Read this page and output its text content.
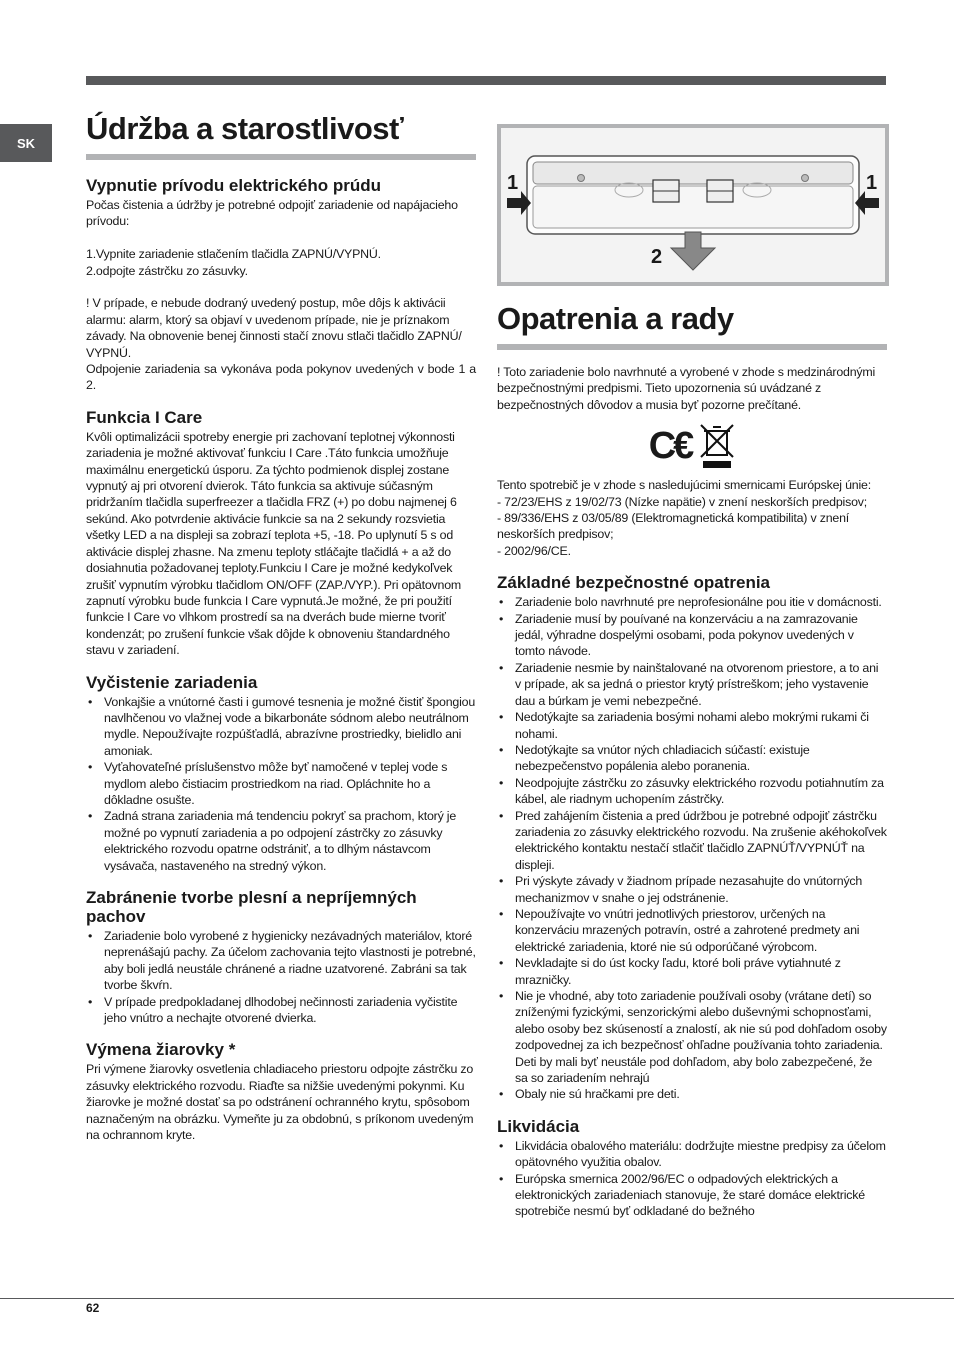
SK	Údržba a starostlivosť
Vypnutie prívodu elektrického prúdu

Počas čistenia a údržby je potrebné odpojiť zariadenie od napájacieho prívodu:

1.Vypnite zariadenie stlačením tlačidla ZAPNÚ/VYPNÚ.

2.odpojte zástrčku zo zásuvky.

! V prípade, e nebude dodraný uvedený postup, môe dôjs k aktivácii alarmu: alarm, ktorý sa objaví v uvedenom prípade, nie je príznakom závady. Na obnovenie benej činnosti stačí znovu stlači tlačidlo ZAPNÚ/ VYPNÚ.

Odpojenie zariadenia sa vykonáva poda pokynov uvedených v bode 1 a 2.

Funkcia I Care

Kvôli optimalizácii spotreby energie pri zachovaní teplotnej výkonnosti zariadenia je možné aktivovať funkciu I Care .Táto funkcia umožňuje maximálnu energetickú úsporu. Za týchto podmienok displej zostane vypnutý aj pri otvorení dvierok. Táto funkcia sa aktivuje súčasným pridržaním tlačidla superfreezer a tlačidla FRZ (+) po dobu najmenej 6 sekúnd. Ako potvrdenie aktivácie funkcie sa na 2 sekundy rozsvietia všetky LED a na displeji sa zobrazí teplota +5, -18. Po uplynutí 5 s od aktivácie displej zhasne. Na zmenu teploty stláčajte tlačidlá + a až do dosiahnutia požadovanej teploty.Funkciu I Care je možné kedykoľvek zrušiť vypnutím výrobku tlačidlom ON/OFF (ZAP./VYP.). Pri opätovnom zapnutí výrobku bude funkcia I Care vypnutá.Je možné, že pri použití funkcie I Care vo vlhkom prostredí sa na dverách bude mierne tvoriť kondenzát; po zrušení funkcie však dôjde k obnoveniu štandardného stavu v zariadení.

Vyčistenie zariadenia
• Vonkajšie a vnútorné časti i gumové tesnenia je možné čistiť špongiou navlhčenou vo vlažnej vode a bikarbonáte sódnom alebo neutrálnom mydle. Nepoužívajte rozpúšťadlá, abrazívne prostriedky, bielidlo ani amoniak.
• Vyťahovateľné príslušenstvo môže byť namočené v teplej vode s mydlom alebo čistiacim prostriedkom na riad. Opláchnite ho a dôkladne osušte.
• Zadná strana zariadenia má tendenciu pokryť sa prachom, ktorý je možné po vypnutí zariadenia a po odpojení zástrčky zo zásuvky elektrického rozvodu opatrne odstrániť, a to dlhým nástavcom vysávača, nastaveného na stredný výkon.
Zabránenie tvorbe plesní a nepríjemných pachov
• Zariadenie bolo vyrobené z hygienicky nezávadných materiálov, ktoré neprenášajú pachy. Za účelom zachovania tejto vlastnosti je potrebné, aby boli jedlá neustále chránené a riadne uzatvorené. Zabráni sa tak tvorbe škvŕn.
• V prípade predpokladanej dlhodobej nečinnosti zariadenia vyčistite jeho vnútro a nechajte otvorené dvierka.
Výmena žiarovky *

Pri výmene žiarovky osvetlenia chladiaceho priestoru odpojte zástrčku zo zásuvky elektrického rozvodu. Riaďte sa nižšie uvedenými pokynmi. Ku žiarovke je možné dostať sa po odstránení ochranného krytu, spôsobom naznačeným na obrázku. Vymeňte ju za obdobnú, s príkonom uvedeným na ochrannom kryte.

1	1
2
Opatrenia a rady

! Toto zariadenie bolo navrhnuté a vyrobené v zhode s medzinárodnými bezpečnostnými predpismi. Tieto upozornenia sú uvádzané z bezpečnostných dôvodov a musia byť pozorne prečítané.

C€

Tento spotrebič je v zhode s nasledujúcimi smernicami Európskej únie:

- 72/23/EHS z 19/02/73 (Nízke napätie) v znení neskorších predpisov;

- 89/336/EHS z 03/05/89 (Elektromagnetická kompatibilita) v znení neskorších predpisov;

- 2002/96/CE.

Základné bezpečnostné opatrenia
• Zariadenie bolo navrhnuté pre neprofesionálne pou itie v domácnosti.
• Zariadenie musí by pouívané na konzerváciu a na zamrazovanie jedál, výhradne dospelými osobami, poda pokynov uvedených v tomto návode.
• Zariadenie nesmie by nainštalované na otvorenom priestore, a to ani v prípade, ak sa jedná o priestor krytý prístreškom; jeho vystavenie dau a búrkam je vemi nebezpečné.
• Nedotýkajte sa zariadenia bosými nohami alebo mokrými rukami či nohami.
• Nedotýkajte sa vnútor ných chladiacich súčastí: existuje nebezpečenstvo popálenia alebo poranenia.
• Neodpojujte zástrčku zo zásuvky elektrického rozvodu potiahnutím za kábel, ale riadnym uchopením zástrčky.
• Pred zahájením čistenia a pred údržbou je potrebné odpojiť zástrčku zariadenia zo zásuvky elektrického rozvodu. Na zrušenie akéhokoľvek elektrického kontaktu nestačí stlačiť tlačidlo ZAPNÚŤ/VYPNÚŤ na displeji.
• Pri výskyte závady v žiadnom prípade nezasahujte do vnútorných mechanizmov v snahe o jej odstránenie.
• Nepoužívajte vo vnútri jednotlivých priestorov, určených na konzerváciu mrazených potravín, ostré a zahrotené predmety ani elektrické zariadenia, ktoré nie sú odporúčané výrobcom.
• Nevkladajte si do úst kocky ľadu, ktoré boli práve vytiahnuté z mrazničky.
• Nie je vhodné, aby toto zariadenie používali osoby (vrátane detí) so zníženými fyzickými, senzorickými alebo duševnými schopnosťami, alebo osoby bez skúseností a znalostí, ak nie sú pod dohľadom osoby zodpovednej za ich bezpečnosť ohľadne používania tohto zariadenia. Deti by mali byť neustále pod dohľadom, aby bolo zabezpečené, že sa so zariadením nehrajú
• Obaly nie sú hračkami pre deti.
Likvidácia
• Likvidácia obalového materiálu: dodržujte miestne predpisy za účelom opätovného využitia obalov.
• Európska smernica 2002/96/EC o odpadových elektrických a elektronických zariadeniach stanovuje, že staré domáce elektrické spotrebiče nesmú byť odkladané do bežného
62
